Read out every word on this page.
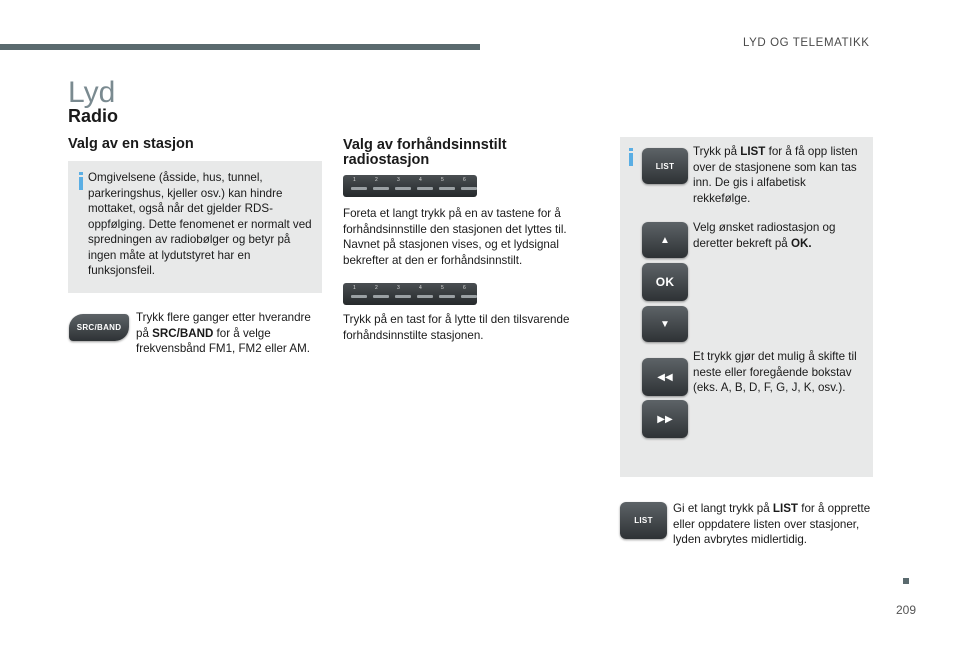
LYD OG TELEMATIKK
Lyd
Radio
Valg av en stasjon
Omgivelsene (åsside, hus, tunnel, parkeringshus, kjeller osv.) kan hindre mottaket, også når det gjelder RDS-oppfølging. Dette fenomenet er normalt ved spredningen av radiobølger og betyr på ingen måte at lydutstyret har en funksjonsfeil.
SRC/BAND
Trykk flere ganger etter hverandre på SRC/BAND for å velge frekvensbånd FM1, FM2 eller AM.
Valg av forhåndsinnstilt radiostasjon
1	2	3	4	5	6
Foreta et langt trykk på en av tastene for å forhåndsinnstille den stasjonen det lyttes til. Navnet på stasjonen vises, og et lydsignal bekrefter at den er forhåndsinnstilt.
1	2	3	4	5	6
Trykk på en tast for å lytte til den tilsvarende forhåndsinnstilte stasjonen.
LIST
Trykk på LIST for å få opp listen over de stasjonene som kan tas inn. De gis i alfabetisk rekkefølge.
▲
OK
▼
Velg ønsket radiostasjon og deretter bekreft på OK.
◀◀
▶▶
Et trykk gjør det mulig å skifte til neste eller foregående bokstav (eks. A, B, D, F, G, J, K, osv.).
LIST
Gi et langt trykk på LIST for å opprette eller oppdatere listen over stasjoner, lyden avbrytes midlertidig.
209
